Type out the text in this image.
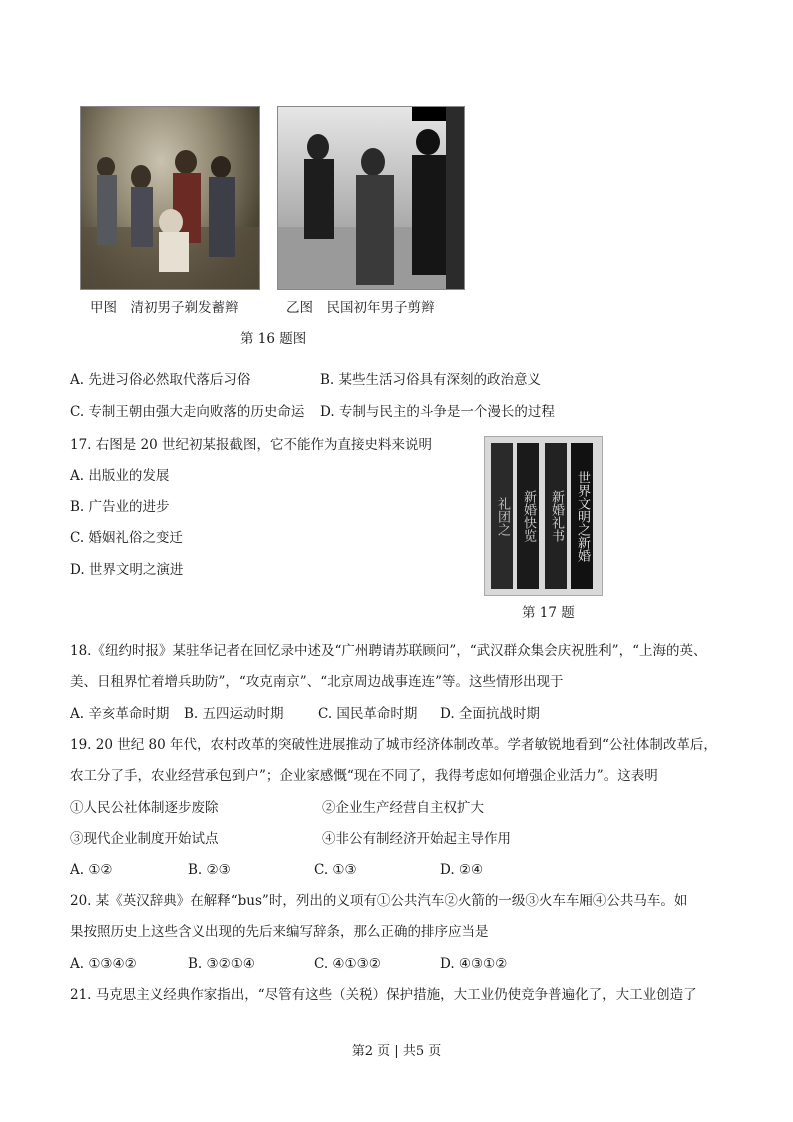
甲图　清初男子剃发蓄辫	乙图　民国初年男子剪辫
第 16 题图
A. 先进习俗必然取代落后习俗	B. 某些生活习俗具有深刻的政治意义
C. 专制王朝由强大走向败落的历史命运 D. 专制与民主的斗争是一个漫长的过程
17. 右图是 20 世纪初某报截图，它不能作为直接史料来说明
A. 出版业的发展
B. 广告业的进步
C. 婚姻礼俗之变迁
D. 世界文明之演进
世界文明之新婚
新婚礼书
新婚快览
礼团之
第 17 题
18.《纽约时报》某驻华记者在回忆录中述及“广州聘请苏联顾问”，“武汉群众集会庆祝胜利”，“上海的英、
美、日租界忙着增兵助防”，“攻克南京”、“北京周边战事连连”等。这些情形出现于
A. 辛亥革命时期 B. 五四运动时期	C. 国民革命时期 D. 全面抗战时期
19. 20 世纪 80 年代，农村改革的突破性进展推动了城市经济体制改革。学者敏锐地看到“公社体制改革后，
农工分了手，农业经营承包到户”；企业家感慨“现在不同了，我得考虑如何增强企业活力”。这表明
①人民公社体制逐步废除	②企业生产经营自主权扩大
③现代企业制度开始试点	④非公有制经济开始起主导作用
A. ①②	B. ②③	C. ①③	D. ②④
20. 某《英汉辞典》在解释“bus”时，列出的义项有①公共汽车②火箭的一级③火车车厢④公共马车。如
果按照历史上这些含义出现的先后来编写辞条，那么正确的排序应当是
A. ①③④②	B. ③②①④	C. ④①③②	D. ④③①②
21. 马克思主义经典作家指出，“尽管有这些（关税）保护措施，大工业仍使竞争普遍化了，大工业创造了
第2 页 | 共5 页
